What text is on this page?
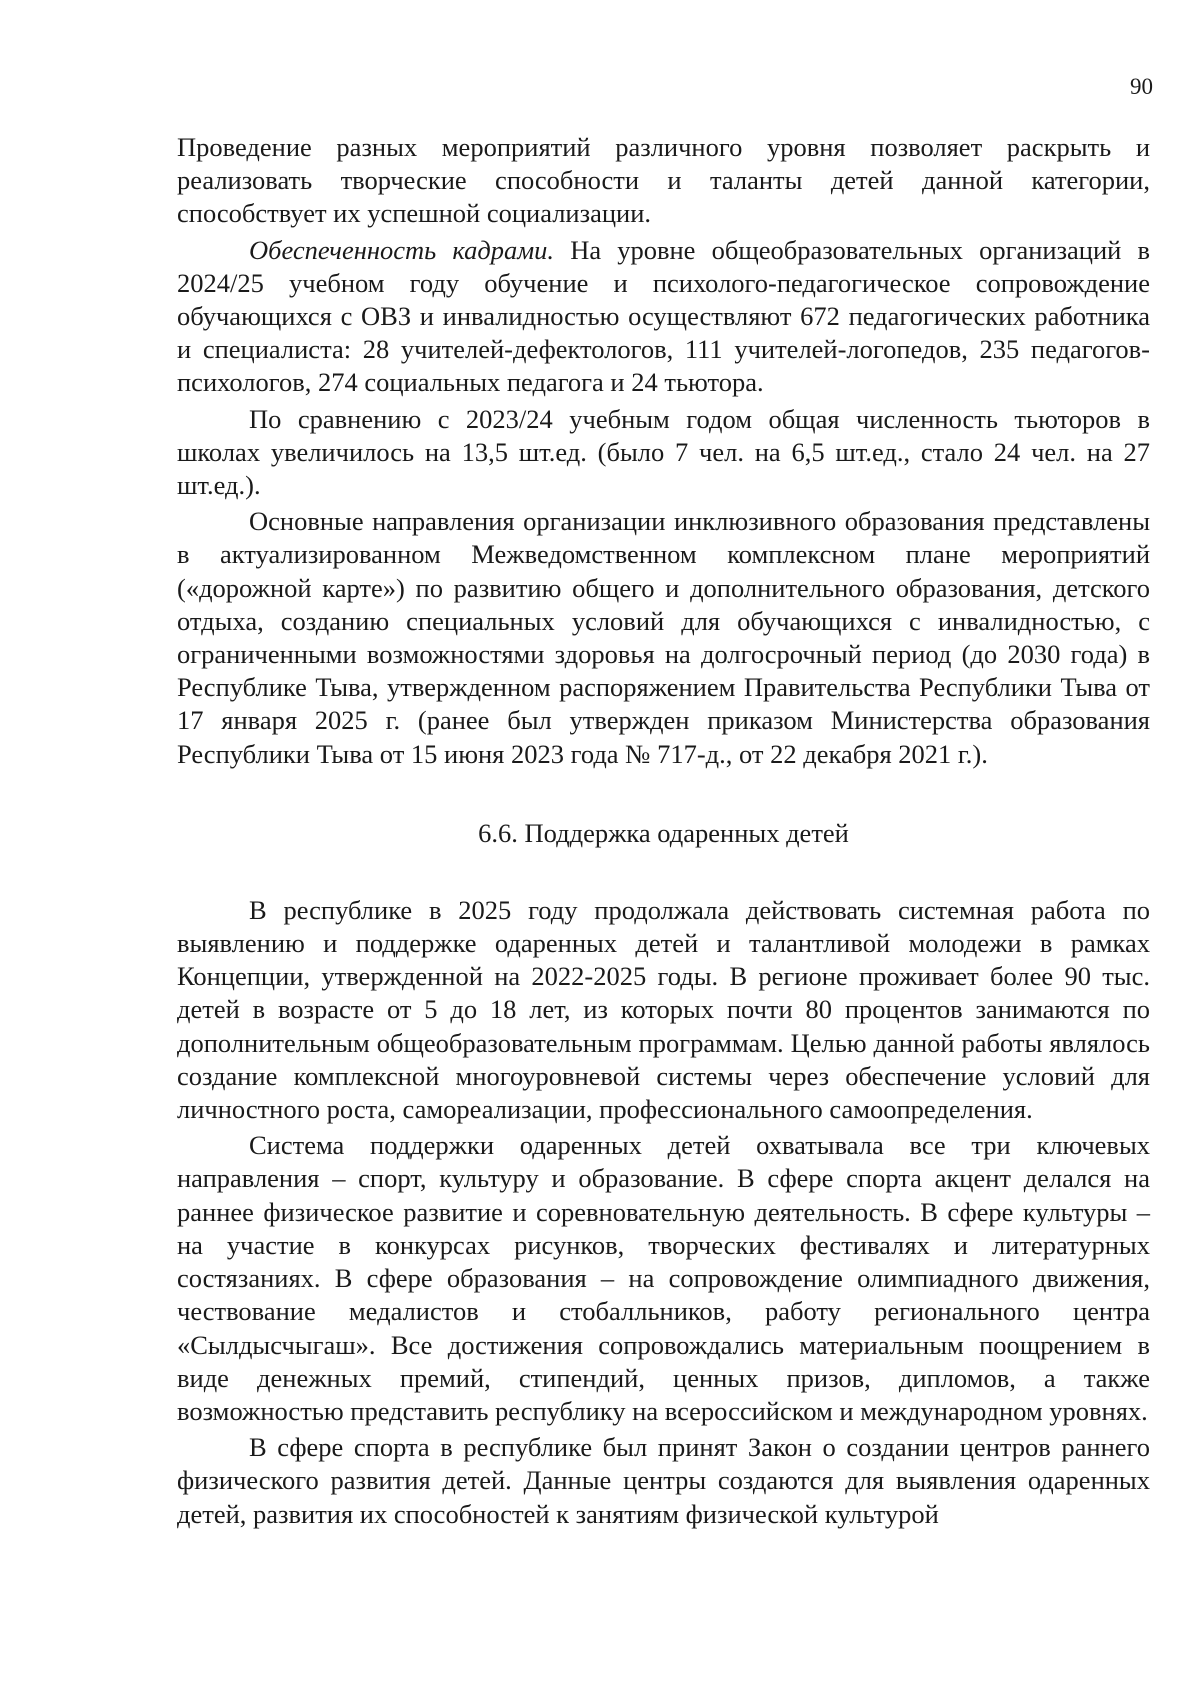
90

Проведение разных мероприятий различного уровня позволяет раскрыть и реализовать творческие способности и таланты детей данной категории, способствует их успешной социализации.

Обеспеченность кадрами. На уровне общеобразовательных организаций в 2024/25 учебном году обучение и психолого-педагогическое сопровождение обучающихся с ОВЗ и инвалидностью осуществляют 672 педагогических работника и специалиста: 28 учителей-дефектологов, 111 учителей-логопедов, 235 педагогов-психологов, 274 социальных педагога и 24 тьютора.

По сравнению с 2023/24 учебным годом общая численность тьюторов в школах увеличилось на 13,5 шт.ед. (было 7 чел. на 6,5 шт.ед., стало 24 чел. на 27 шт.ед.).

Основные направления организации инклюзивного образования представлены в актуализированном Межведомственном комплексном плане мероприятий («дорожной карте») по развитию общего и дополнительного образования, детского отдыха, созданию специальных условий для обучающихся с инвалидностью, с ограниченными возможностями здоровья на долгосрочный период (до 2030 года) в Республике Тыва, утвержденном распоряжением Правительства Республики Тыва от 17 января 2025 г. (ранее был утвержден приказом Министерства образования Республики Тыва от 15 июня 2023 года № 717-д., от 22 декабря 2021 г.).

6.6. Поддержка одаренных детей

В республике в 2025 году продолжала действовать системная работа по выявлению и поддержке одаренных детей и талантливой молодежи в рамках Концепции, утвержденной на 2022-2025 годы. В регионе проживает более 90 тыс. детей в возрасте от 5 до 18 лет, из которых почти 80 процентов занимаются по дополнительным общеобразовательным программам. Целью данной работы являлось создание комплексной многоуровневой системы через обеспечение условий для личностного роста, самореализации, профессионального самоопределения.

Система поддержки одаренных детей охватывала все три ключевых направления – спорт, культуру и образование. В сфере спорта акцент делался на раннее физическое развитие и соревновательную деятельность. В сфере культуры – на участие в конкурсах рисунков, творческих фестивалях и литературных состязаниях. В сфере образования – на сопровождение олимпиадного движения, чествование медалистов и стобалльников, работу регионального центра «Сылдысчыгаш». Все достижения сопровождались материальным поощрением в виде денежных премий, стипендий, ценных призов, дипломов, а также возможностью представить республику на всероссийском и международном уровнях.

В сфере спорта в республике был принят Закон о создании центров раннего физического развития детей. Данные центры создаются для выявления одаренных детей, развития их способностей к занятиям физической культурой
